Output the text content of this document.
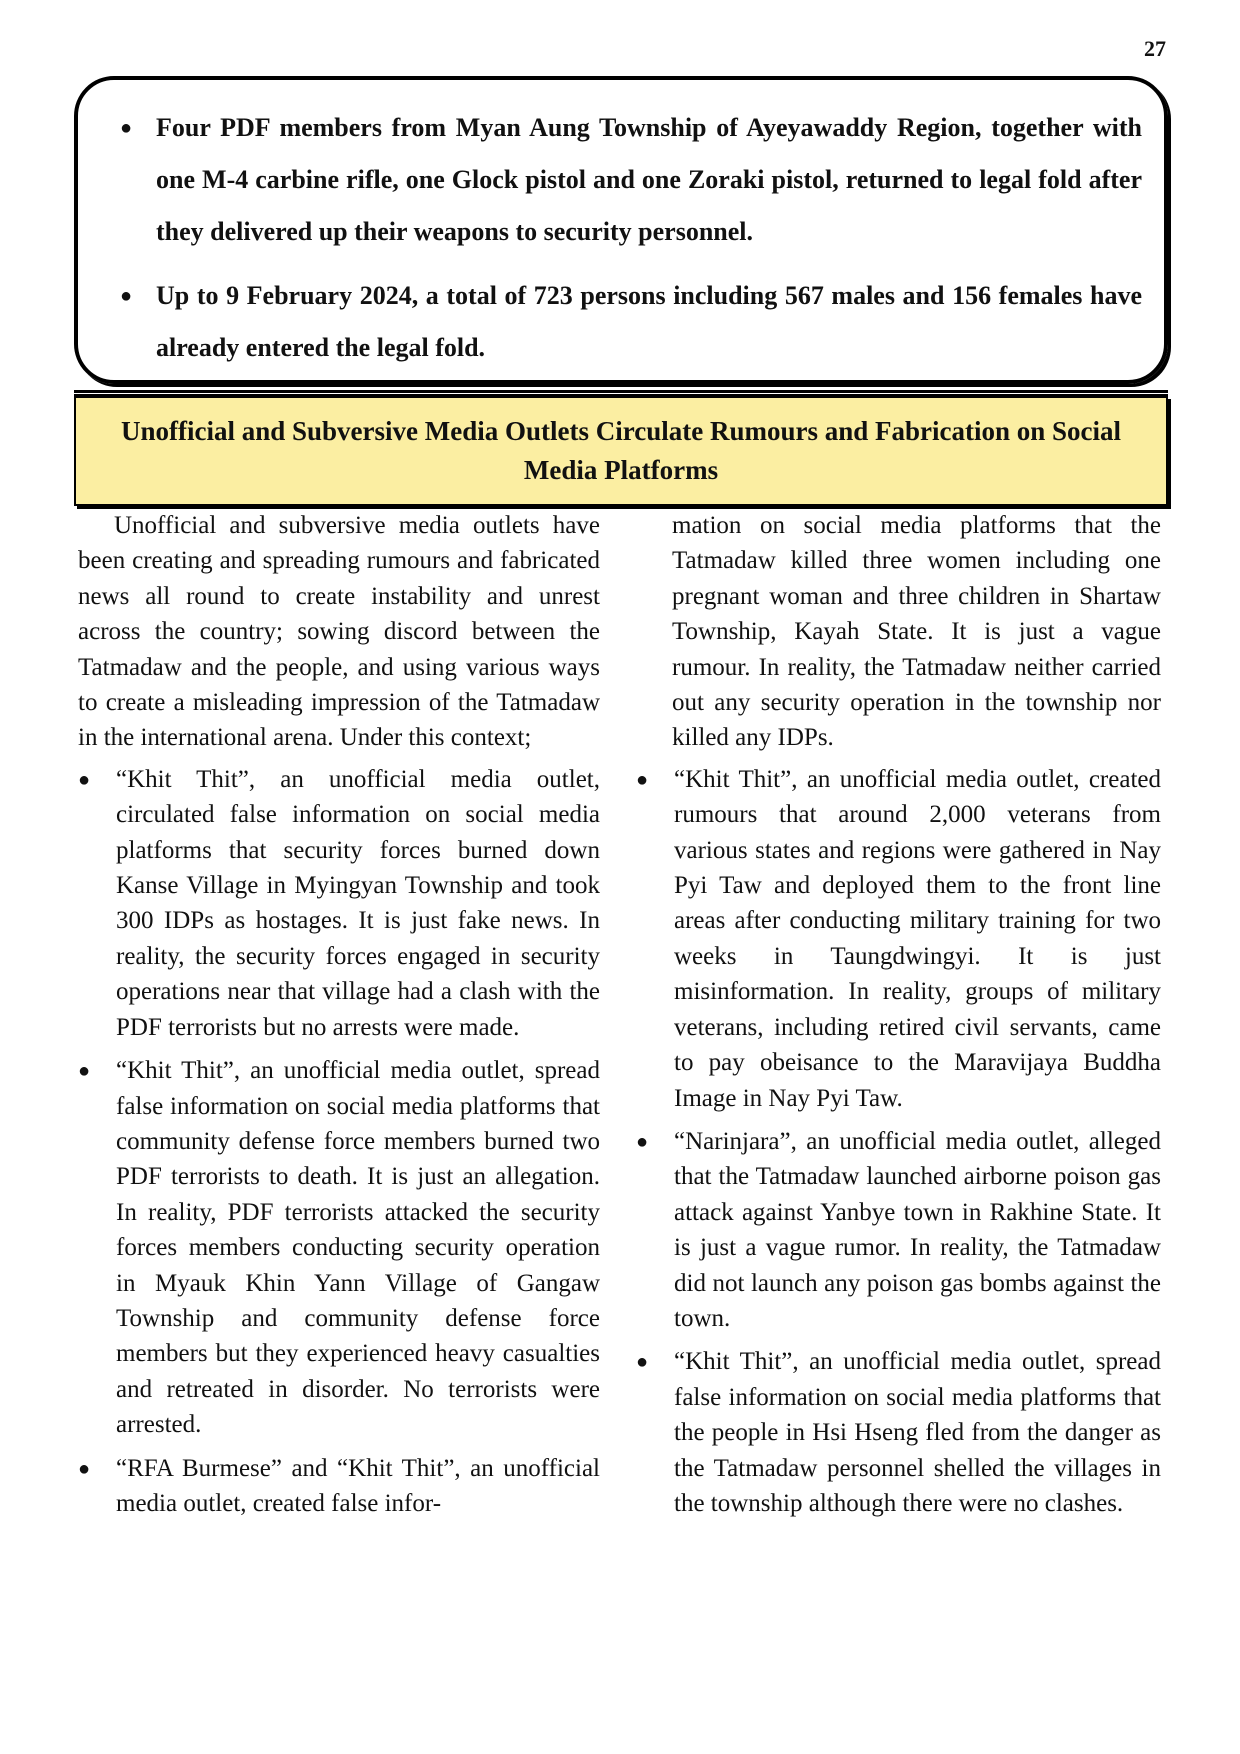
27
● Four PDF members from Myan Aung Township of Ayeyawaddy Region, together with one M-4 carbine rifle, one Glock pistol and one Zoraki pistol, returned to legal fold after they delivered up their weapons to security personnel.
● Up to 9 February 2024, a total of 723 persons including 567 males and 156 females have already entered the legal fold.
Unofficial and Subversive Media Outlets Circulate Rumours and Fabrication on Social Media Platforms

Unofficial and subversive media outlets have been creating and spreading rumours and fabricated news all round to create instability and unrest across the country; sowing discord between the Tatmadaw and the people, and using various ways to create a misleading impression of the Tatmadaw in the international arena. Under this context;

● “Khit Thit”, an unofficial media outlet, circulated false information on social media platforms that security forces burned down Kanse Village in Myingyan Township and took 300 IDPs as hostages. It is just fake news. In reality, the security forces engaged in security operations near that village had a clash with the PDF terrorists but no arrests were made.
● “Khit Thit”, an unofficial media outlet, spread false information on social media platforms that community defense force members burned two PDF terrorists to death. It is just an allegation. In reality, PDF terrorists attacked the security forces members conducting security operation in Myauk Khin Yann Village of Gangaw Township and community defense force members but they experienced heavy casualties and retreated in disorder. No terrorists were arrested.
● “RFA Burmese” and “Khit Thit”, an unofficial media outlet, created false infor-

mation on social media platforms that the Tatmadaw killed three women including one pregnant woman and three children in Shartaw Township, Kayah State. It is just a vague rumour. In reality, the Tatmadaw neither carried out any security operation in the township nor killed any IDPs.

● “Khit Thit”, an unofficial media outlet, created rumours that around 2,000 veterans from various states and regions were gathered in Nay Pyi Taw and deployed them to the front line areas after conducting military training for two weeks in Taungdwingyi. It is just misinformation. In reality, groups of military veterans, including retired civil servants, came to pay obeisance to the Maravijaya Buddha Image in Nay Pyi Taw.
● “Narinjara”, an unofficial media outlet, alleged that the Tatmadaw launched airborne poison gas attack against Yanbye town in Rakhine State. It is just a vague rumor. In reality, the Tatmadaw did not launch any poison gas bombs against the town.
● “Khit Thit”, an unofficial media outlet, spread false information on social media platforms that the people in Hsi Hseng fled from the danger as the Tatmadaw personnel shelled the villages in the township although there were no clashes.
